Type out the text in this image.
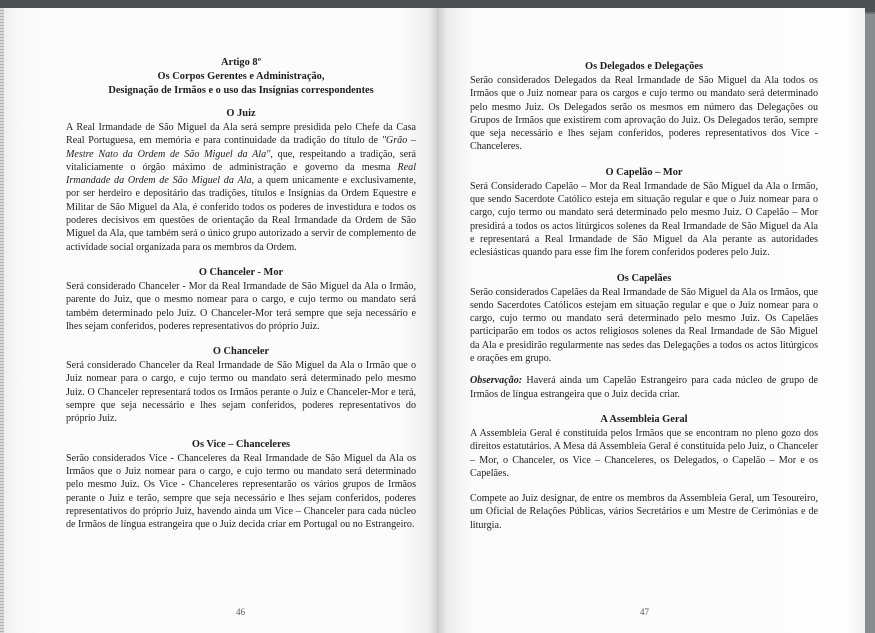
Artigo 8º

Os Corpos Gerentes e Administração,

Designação de Irmãos e o uso das Insígnias correspondentes

O Juiz

A Real Irmandade de São Miguel da Ala será sempre presidida pelo Chefe da Casa Real Portuguesa, em memória e para continuidade da tradição do título de "Grão – Mestre Nato da Ordem de São Miguel da Ala", que, respeitando a tradição, será vitaliciamente o órgão máximo de administração e governo da mesma Real Irmandade da Ordem de São Miguel da Ala, a quem unicamente e exclusivamente, por ser herdeiro e depositário das tradições, títulos e Insígnias da Ordem Equestre e Militar de São Miguel da Ala, é conferido todos os poderes de investidura e todos os poderes decisivos em questões de orientação da Real Irmandade da Ordem de São Miguel da Ala, que também será o único grupo autorizado a servir de complemento de actividade social organizada para os membros da Ordem.

O Chanceler - Mor

Será considerado Chanceler - Mor da Real Irmandade de São Miguel da Ala o Irmão, parente do Juiz, que o mesmo nomear para o cargo, e cujo termo ou mandato será também determinado pelo Juiz. O Chanceler-Mor terá sempre que seja necessário e lhes sejam conferidos, poderes representativos do próprio Juiz.

O Chanceler

Será considerado Chanceler da Real Irmandade de São Miguel da Ala o Irmão que o Juiz nomear para o cargo, e cujo termo ou mandato será determinado pelo mesmo Juiz. O Chanceler representará todos os Irmãos perante o Juiz e Chanceler-Mor e terá, sempre que seja necessário e lhes sejam conferidos, poderes representativos do próprio Juiz.

Os Vice – Chanceleres

Serão considerados Vice - Chanceleres da Real Irmandade de São Miguel da Ala os Irmãos que o Juiz nomear para o cargo, e cujo termo ou mandato será determinado pelo mesmo Juiz. Os Vice - Chanceleres representarão os vários grupos de Irmãos perante o Juiz e terão, sempre que seja necessário e lhes sejam conferidos, poderes representativos do próprio Juiz, havendo ainda um Vice – Chanceler para cada núcleo de Irmãos de língua estrangeira que o Juiz decida criar em Portugal ou no Estrangeiro.

46

Os Delegados e Delegações

Serão considerados Delegados da Real Irmandade de São Miguel da Ala todos os Irmãos que o Juiz nomear para os cargos e cujo termo ou mandato será determinado pelo mesmo Juiz. Os Delegados serão os mesmos em número das Delegações ou Grupos de Irmãos que existirem com aprovação do Juiz. Os Delegados terão, sempre que seja necessário e lhes sejam conferidos, poderes representativos dos Vice - Chanceleres.

O Capelão – Mor

Será Considerado Capelão – Mor da Real Irmandade de São Miguel da Ala o Irmão, que sendo Sacerdote Católico esteja em situação regular e que o Juiz nomear para o cargo, cujo termo ou mandato será determinado pelo mesmo Juiz. O Capelão – Mor presidirá a todos os actos litúrgicos solenes da Real Irmandade de São Miguel da Ala e representará a Real Irmandade de São Miguel da Ala perante as autoridades eclesiásticas quando para esse fim lhe forem conferidos poderes pelo Juiz.

Os Capelães

Serão considerados Capelães da Real Irmandade de São Miguel da Ala os Irmãos, que sendo Sacerdotes Católicos estejam em situação regular e que o Juiz nomear para o cargo, cujo termo ou mandato será determinado pelo mesmo Juiz. Os Capelães participarão em todos os actos religiosos solenes da Real Irmandade de São Miguel da Ala e presidirão regularmente nas sedes das Delegações a todos os actos litúrgicos e orações em grupo.

Observação: Haverá ainda um Capelão Estrangeiro para cada núcleo de grupo de Irmãos de língua estrangeira que o Juiz decida criar.

A Assembleia Geral

A Assembleia Geral é constituída pelos Irmãos que se encontram no pleno gozo dos direitos estatutários. A Mesa dá Assembleia Geral é constituída pelo Juiz, o Chanceler – Mor, o Chanceler, os Vice – Chanceleres, os Delegados, o Capelão – Mor e os Capelães.

Compete ao Juiz designar, de entre os membros da Assembleia Geral, um Tesoureiro, um Oficial de Relações Públicas, vários Secretários e um Mestre de Cerimónias e de liturgia.

47
